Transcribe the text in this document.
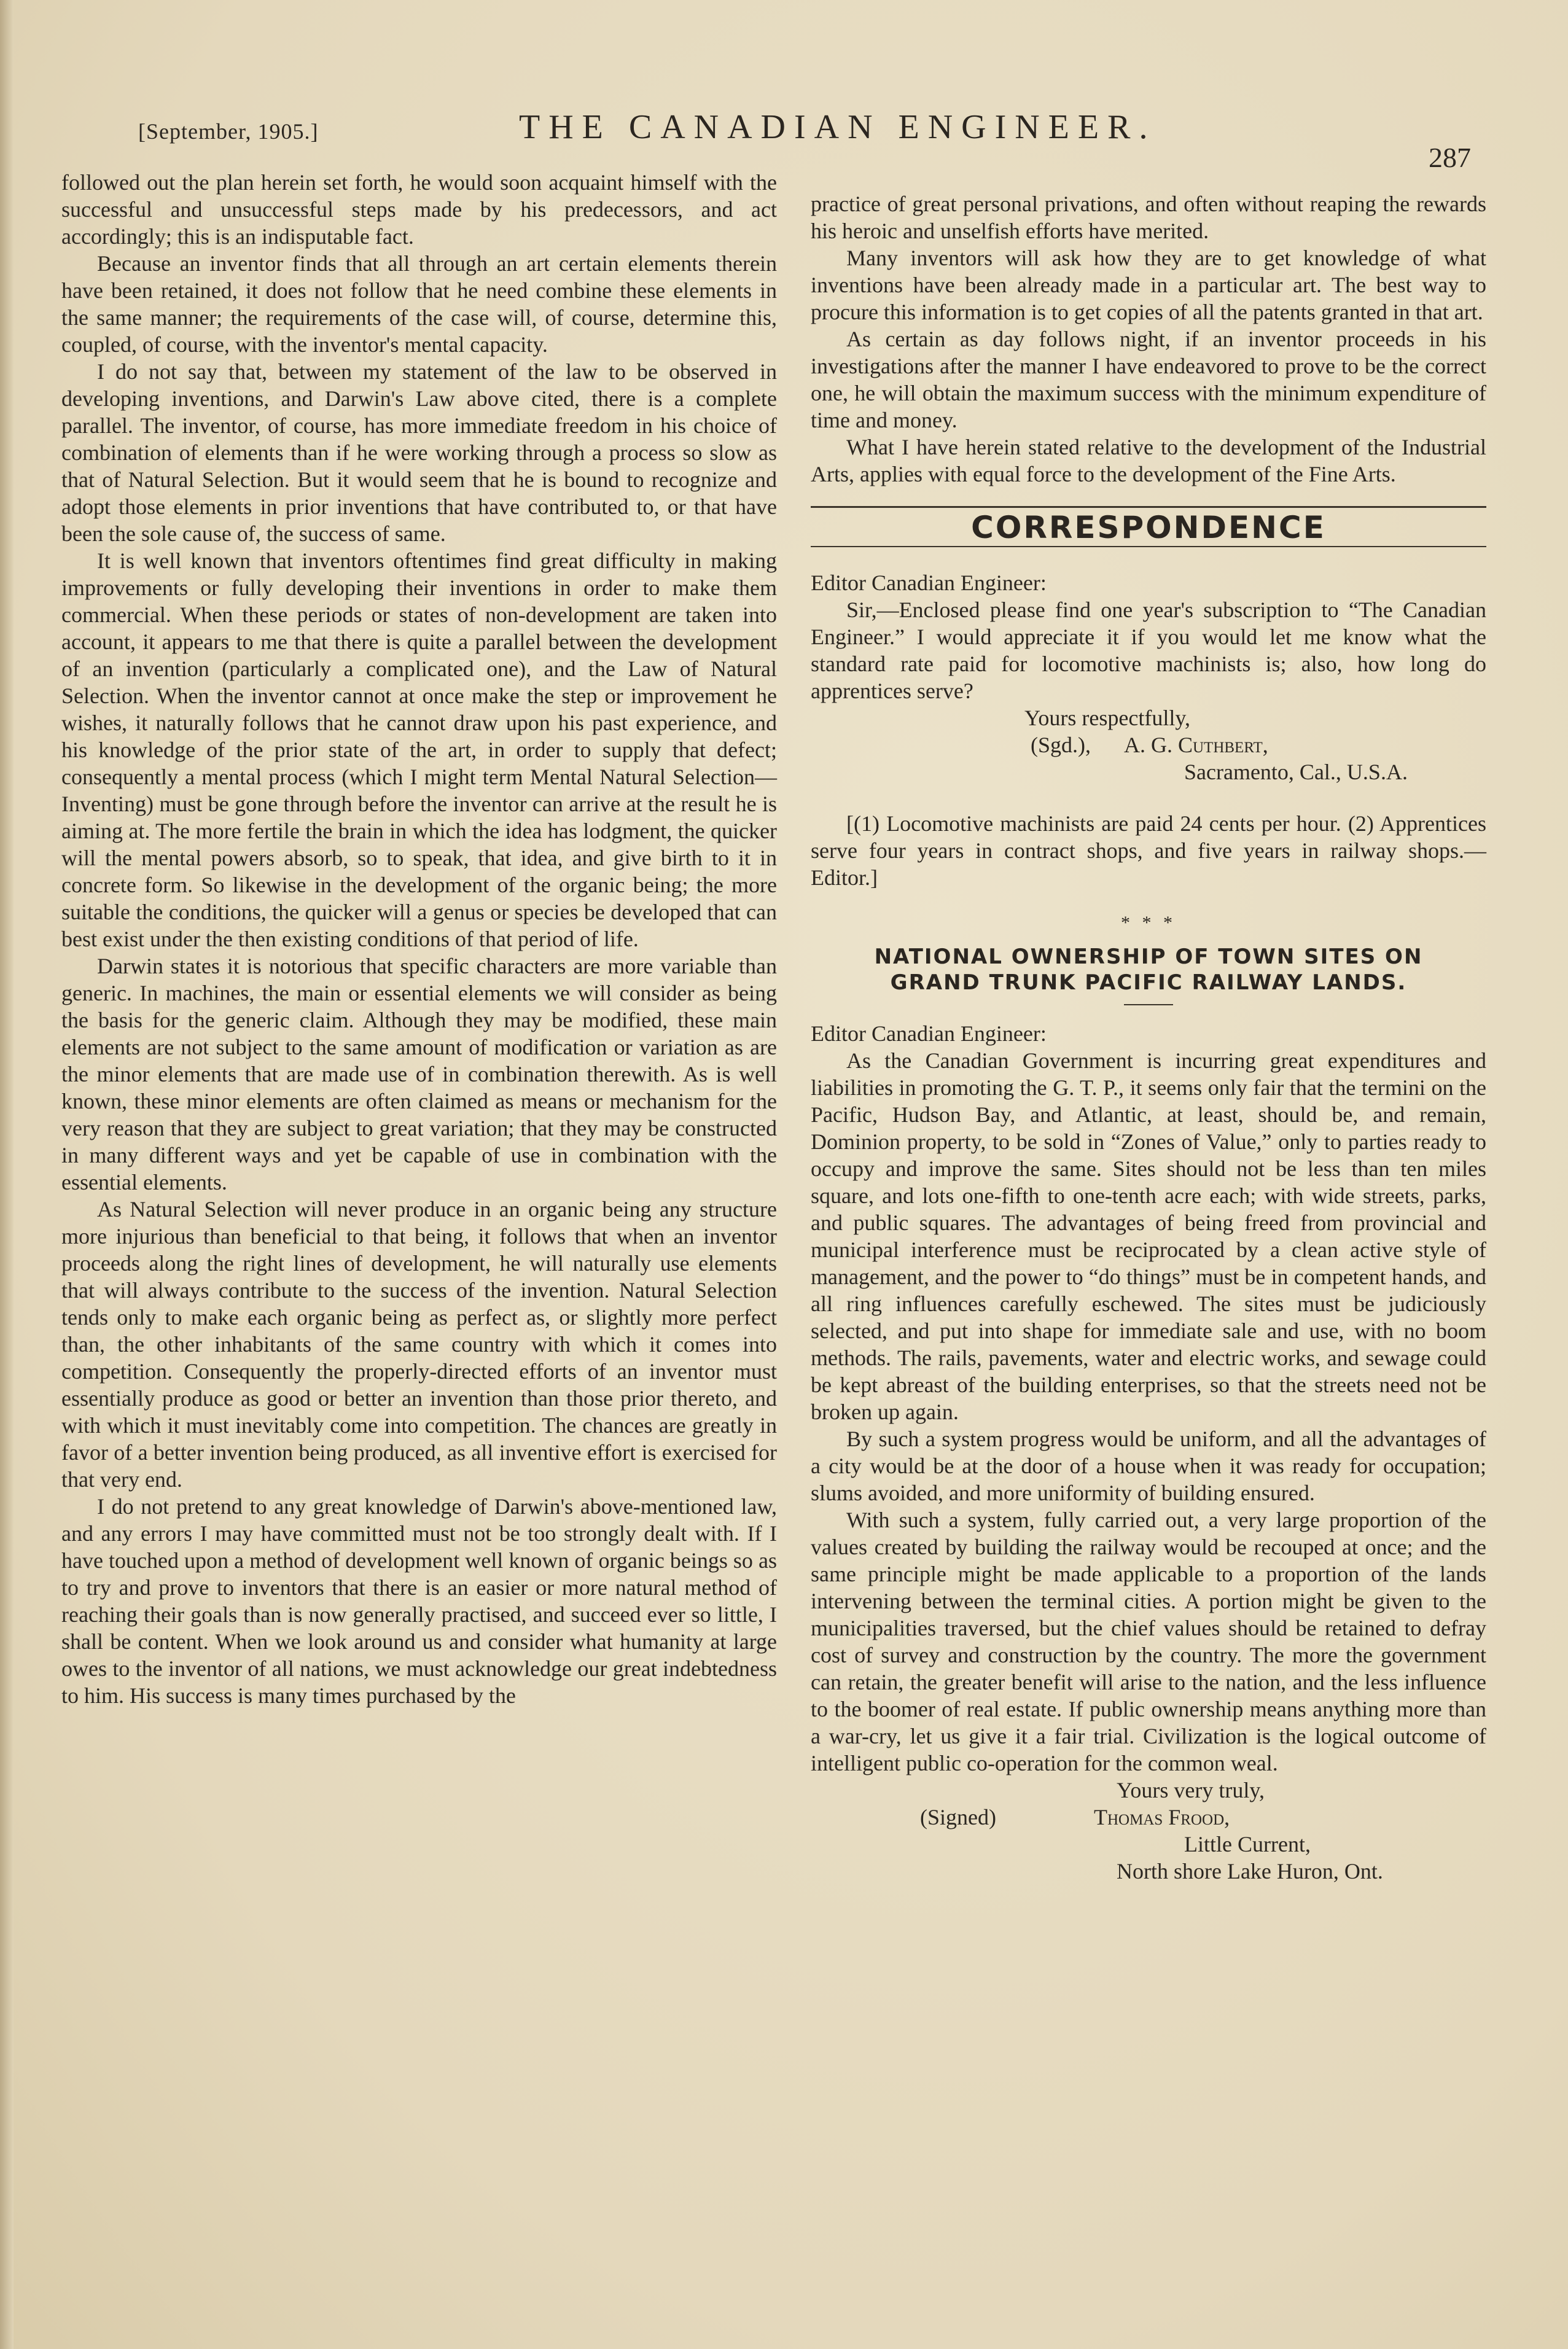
[September, 1905.]	THE CANADIAN ENGINEER.
287

followed out the plan herein set forth, he would soon acquaint himself with the successful and unsuccessful steps made by his predecessors, and act accordingly; this is an indisputable fact.

Because an inventor finds that all through an art certain elements therein have been retained, it does not follow that he need combine these elements in the same manner; the requirements of the case will, of course, determine this, coupled, of course, with the inventor's mental capacity.

I do not say that, between my statement of the law to be observed in developing inventions, and Darwin's Law above cited, there is a complete parallel. The inventor, of course, has more immediate freedom in his choice of combination of elements than if he were working through a process so slow as that of Natural Selection. But it would seem that he is bound to recognize and adopt those elements in prior inventions that have contributed to, or that have been the sole cause of, the success of same.

It is well known that inventors oftentimes find great difficulty in making improvements or fully developing their inventions in order to make them commercial. When these periods or states of non-development are taken into account, it appears to me that there is quite a parallel between the development of an invention (particularly a complicated one), and the Law of Natural Selection. When the inventor cannot at once make the step or improvement he wishes, it naturally follows that he cannot draw upon his past experience, and his knowledge of the prior state of the art, in order to supply that defect; consequently a mental process (which I might term Mental Natural Selection—Inventing) must be gone through before the inventor can arrive at the result he is aiming at. The more fertile the brain in which the idea has lodgment, the quicker will the mental powers absorb, so to speak, that idea, and give birth to it in concrete form. So likewise in the development of the organic being; the more suitable the conditions, the quicker will a genus or species be developed that can best exist under the then existing conditions of that period of life.

Darwin states it is notorious that specific characters are more variable than generic. In machines, the main or essential elements we will consider as being the basis for the generic claim. Although they may be modified, these main elements are not subject to the same amount of modification or variation as are the minor elements that are made use of in combination therewith. As is well known, these minor elements are often claimed as means or mechanism for the very reason that they are subject to great variation; that they may be constructed in many different ways and yet be capable of use in combination with the essential elements.

As Natural Selection will never produce in an organic being any structure more injurious than beneficial to that being, it follows that when an inventor proceeds along the right lines of development, he will naturally use elements that will always contribute to the success of the invention. Natural Selection tends only to make each organic being as perfect as, or slightly more perfect than, the other inhabitants of the same country with which it comes into competition. Consequently the properly-directed efforts of an inventor must essentially produce as good or better an invention than those prior thereto, and with which it must inevitably come into competition. The chances are greatly in favor of a better invention being produced, as all inventive effort is exercised for that very end.

I do not pretend to any great knowledge of Darwin's above-mentioned law, and any errors I may have committed must not be too strongly dealt with. If I have touched upon a method of development well known of organic beings so as to try and prove to inventors that there is an easier or more natural method of reaching their goals than is now generally practised, and succeed ever so little, I shall be content. When we look around us and consider what humanity at large owes to the inventor of all nations, we must acknowledge our great indebtedness to him. His success is many times purchased by the

practice of great personal privations, and often without reaping the rewards his heroic and unselfish efforts have merited.

Many inventors will ask how they are to get knowledge of what inventions have been already made in a particular art. The best way to procure this information is to get copies of all the patents granted in that art.

As certain as day follows night, if an inventor proceeds in his investigations after the manner I have endeavored to prove to be the correct one, he will obtain the maximum success with the minimum expenditure of time and money.

What I have herein stated relative to the development of the Industrial Arts, applies with equal force to the development of the Fine Arts.

CORRESPONDENCE

Editor Canadian Engineer:

Sir,—Enclosed please find one year's subscription to “The Canadian Engineer.” I would appreciate it if you would let me know what the standard rate paid for locomotive machinists is; also, how long do apprentices serve?

Yours respectfully,

(Sgd.), A. G. Cuthbert,

Sacramento, Cal., U.S.A.

[(1) Locomotive machinists are paid 24 cents per hour. (2) Apprentices serve four years in contract shops, and five years in railway shops.—Editor.]

* * *
NATIONAL OWNERSHIP OF TOWN SITES ON
GRAND TRUNK PACIFIC RAILWAY LANDS.

Editor Canadian Engineer:

As the Canadian Government is incurring great expenditures and liabilities in promoting the G. T. P., it seems only fair that the termini on the Pacific, Hudson Bay, and Atlantic, at least, should be, and remain, Dominion property, to be sold in “Zones of Value,” only to parties ready to occupy and improve the same. Sites should not be less than ten miles square, and lots one-fifth to one-tenth acre each; with wide streets, parks, and public squares. The advantages of being freed from provincial and municipal interference must be reciprocated by a clean active style of management, and the power to “do things” must be in competent hands, and all ring influences carefully eschewed. The sites must be judiciously selected, and put into shape for immediate sale and use, with no boom methods. The rails, pavements, water and electric works, and sewage could be kept abreast of the building enterprises, so that the streets need not be broken up again.

By such a system progress would be uniform, and all the advantages of a city would be at the door of a house when it was ready for occupation; slums avoided, and more uniformity of building ensured.

With such a system, fully carried out, a very large proportion of the values created by building the railway would be recouped at once; and the same principle might be made applicable to a proportion of the lands intervening between the terminal cities. A portion might be given to the municipalities traversed, but the chief values should be retained to defray cost of survey and construction by the country. The more the government can retain, the greater benefit will arise to the nation, and the less influence to the boomer of real estate. If public ownership means anything more than a war-cry, let us give it a fair trial. Civilization is the logical outcome of intelligent public co-operation for the common weal.

Yours very truly,

(Signed)	Thomas Frood,

Little Current,

North shore Lake Huron, Ont.
